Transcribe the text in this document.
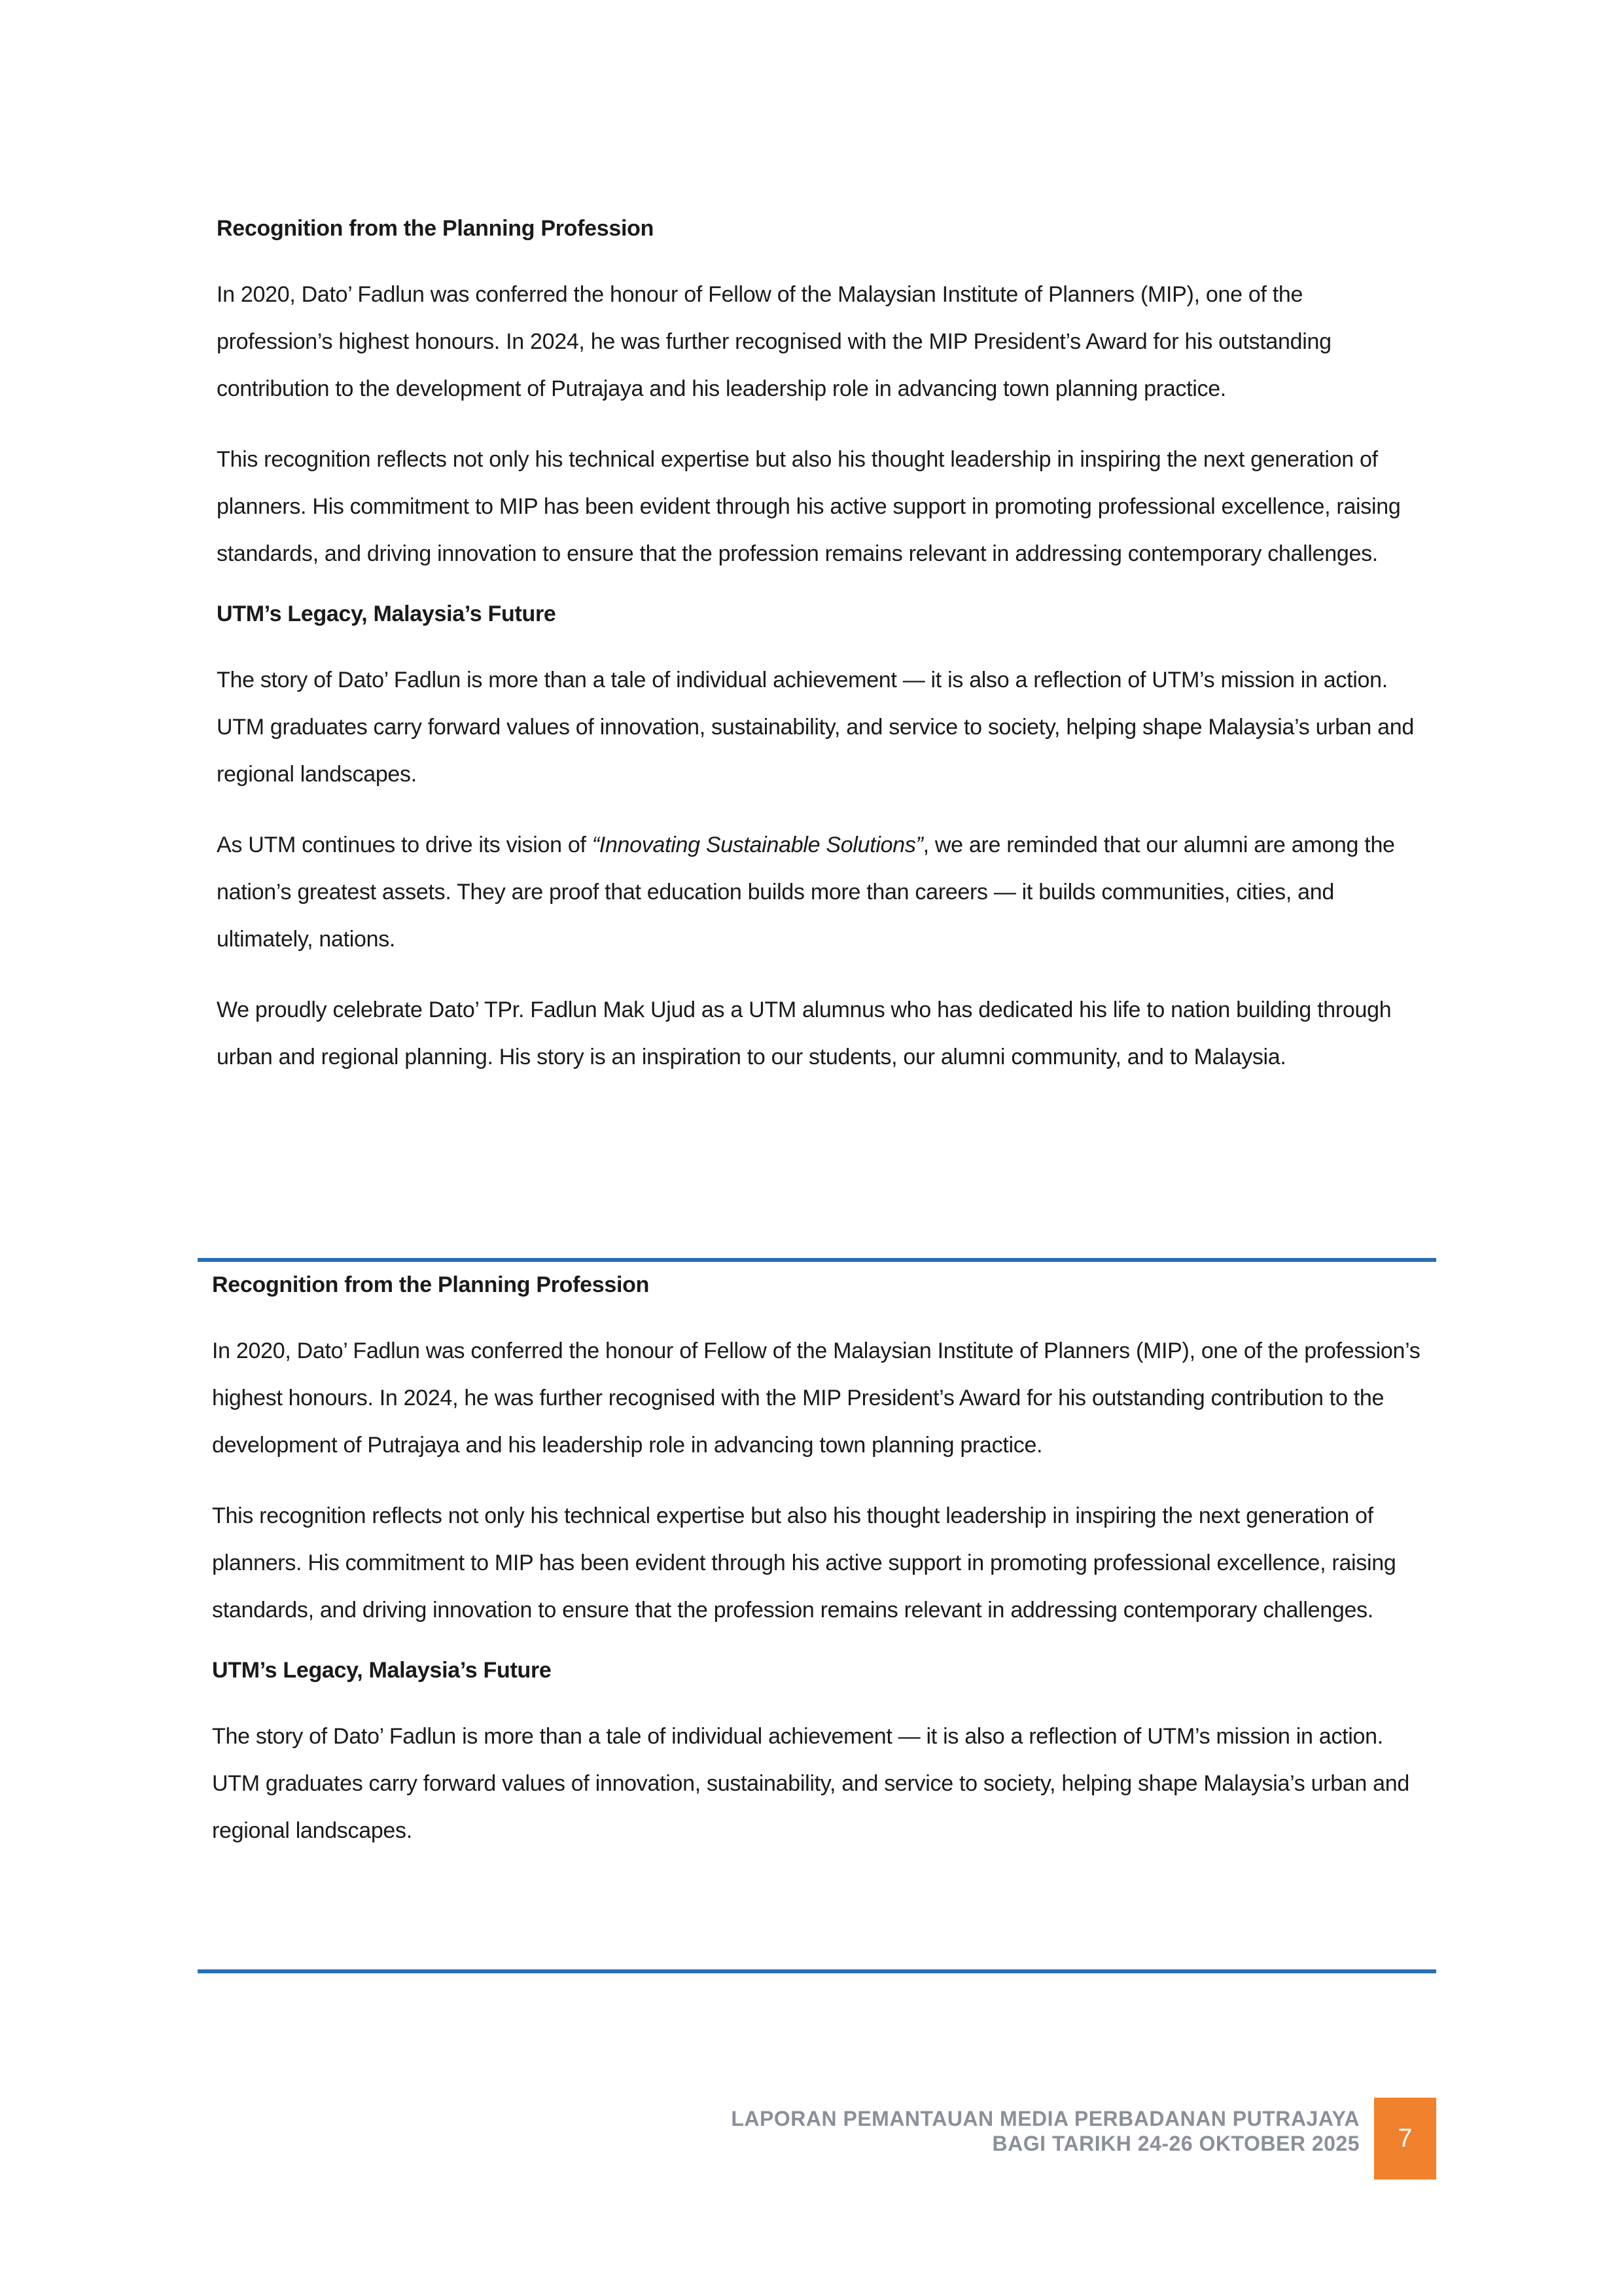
Recognition from the Planning Profession

In 2020, Dato’ Fadlun was conferred the honour of Fellow of the Malaysian Institute of Planners (MIP), one of the profession’s highest honours. In 2024, he was further recognised with the MIP President’s Award for his outstanding contribution to the development of Putrajaya and his leadership role in advancing town planning practice.

This recognition reflects not only his technical expertise but also his thought leadership in inspiring the next generation of planners. His commitment to MIP has been evident through his active support in promoting professional excellence, raising standards, and driving innovation to ensure that the profession remains relevant in addressing contemporary challenges.

UTM’s Legacy, Malaysia’s Future

The story of Dato’ Fadlun is more than a tale of individual achievement — it is also a reflection of UTM’s mission in action. UTM graduates carry forward values of innovation, sustainability, and service to society, helping shape Malaysia’s urban and regional landscapes.

As UTM continues to drive its vision of “Innovating Sustainable Solutions”, we are reminded that our alumni are among the nation’s greatest assets. They are proof that education builds more than careers — it builds communities, cities, and ultimately, nations.

We proudly celebrate Dato’ TPr. Fadlun Mak Ujud as a UTM alumnus who has dedicated his life to nation building through urban and regional planning. His story is an inspiration to our students, our alumni community, and to Malaysia.

Recognition from the Planning Profession

In 2020, Dato’ Fadlun was conferred the honour of Fellow of the Malaysian Institute of Planners (MIP), one of the profession’s highest honours. In 2024, he was further recognised with the MIP President’s Award for his outstanding contribution to the development of Putrajaya and his leadership role in advancing town planning practice.

This recognition reflects not only his technical expertise but also his thought leadership in inspiring the next generation of planners. His commitment to MIP has been evident through his active support in promoting professional excellence, raising standards, and driving innovation to ensure that the profession remains relevant in addressing contemporary challenges.

UTM’s Legacy, Malaysia’s Future

The story of Dato’ Fadlun is more than a tale of individual achievement — it is also a reflection of UTM’s mission in action. UTM graduates carry forward values of innovation, sustainability, and service to society, helping shape Malaysia’s urban and regional landscapes.

LAPORAN PEMANTAUAN MEDIA PERBADANAN PUTRAJAYA
BAGI TARIKH 24-26 OKTOBER 2025 7
